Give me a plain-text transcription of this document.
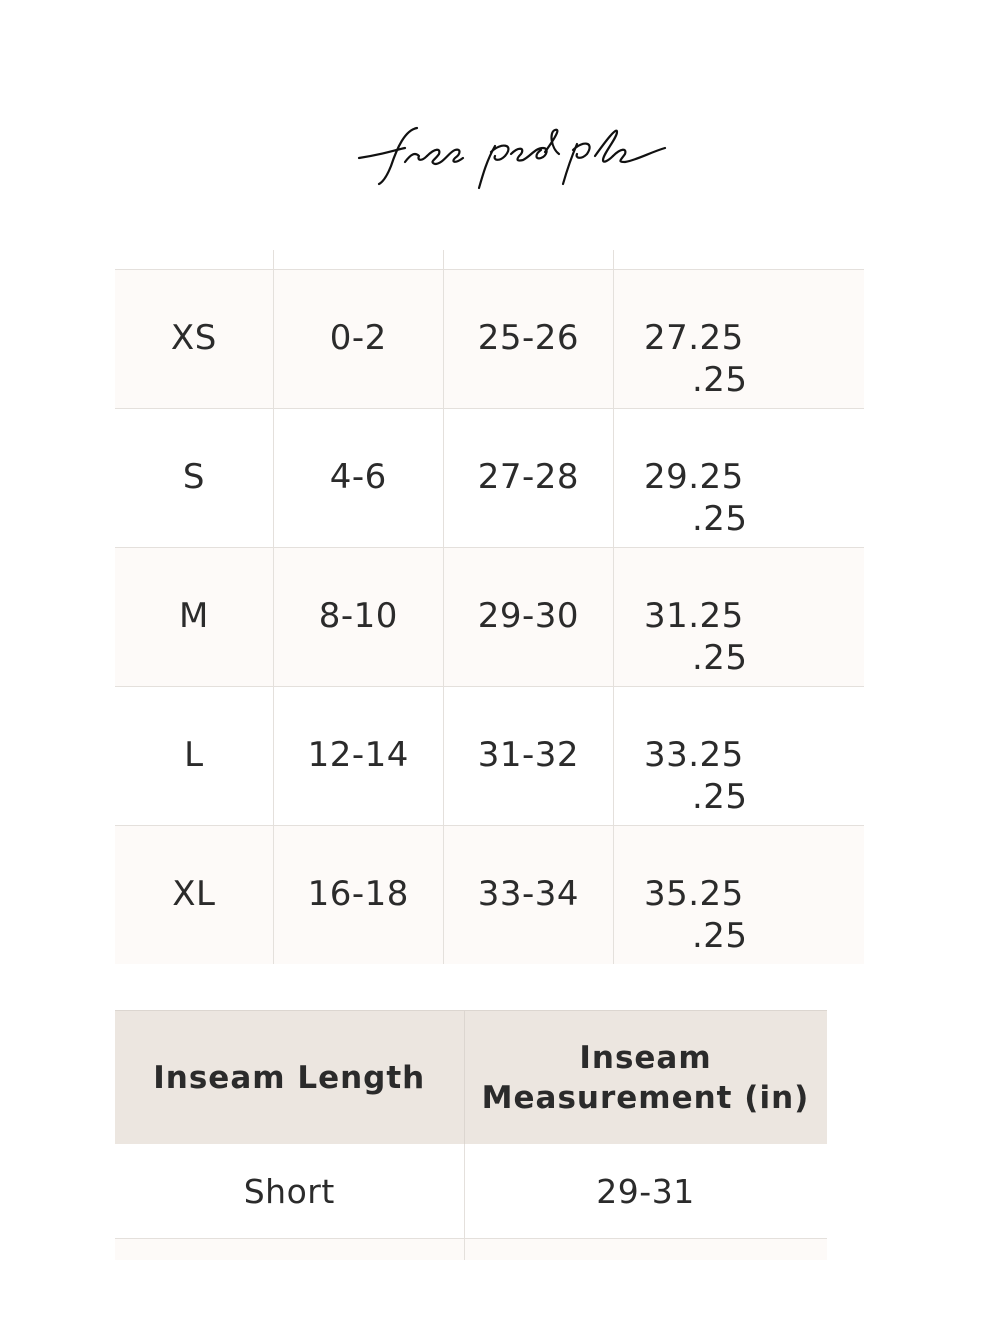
XS	0-2	25-26	27.25
.25

S	4-6	27-28	29.25
.25

M	8-10	29-30	31.25
.25

L	12-14	31-32	33.25
.25

XL	16-18	33-34	35.25
.25
Inseam Length	Inseam
Measurement (in)
Short	29-31
